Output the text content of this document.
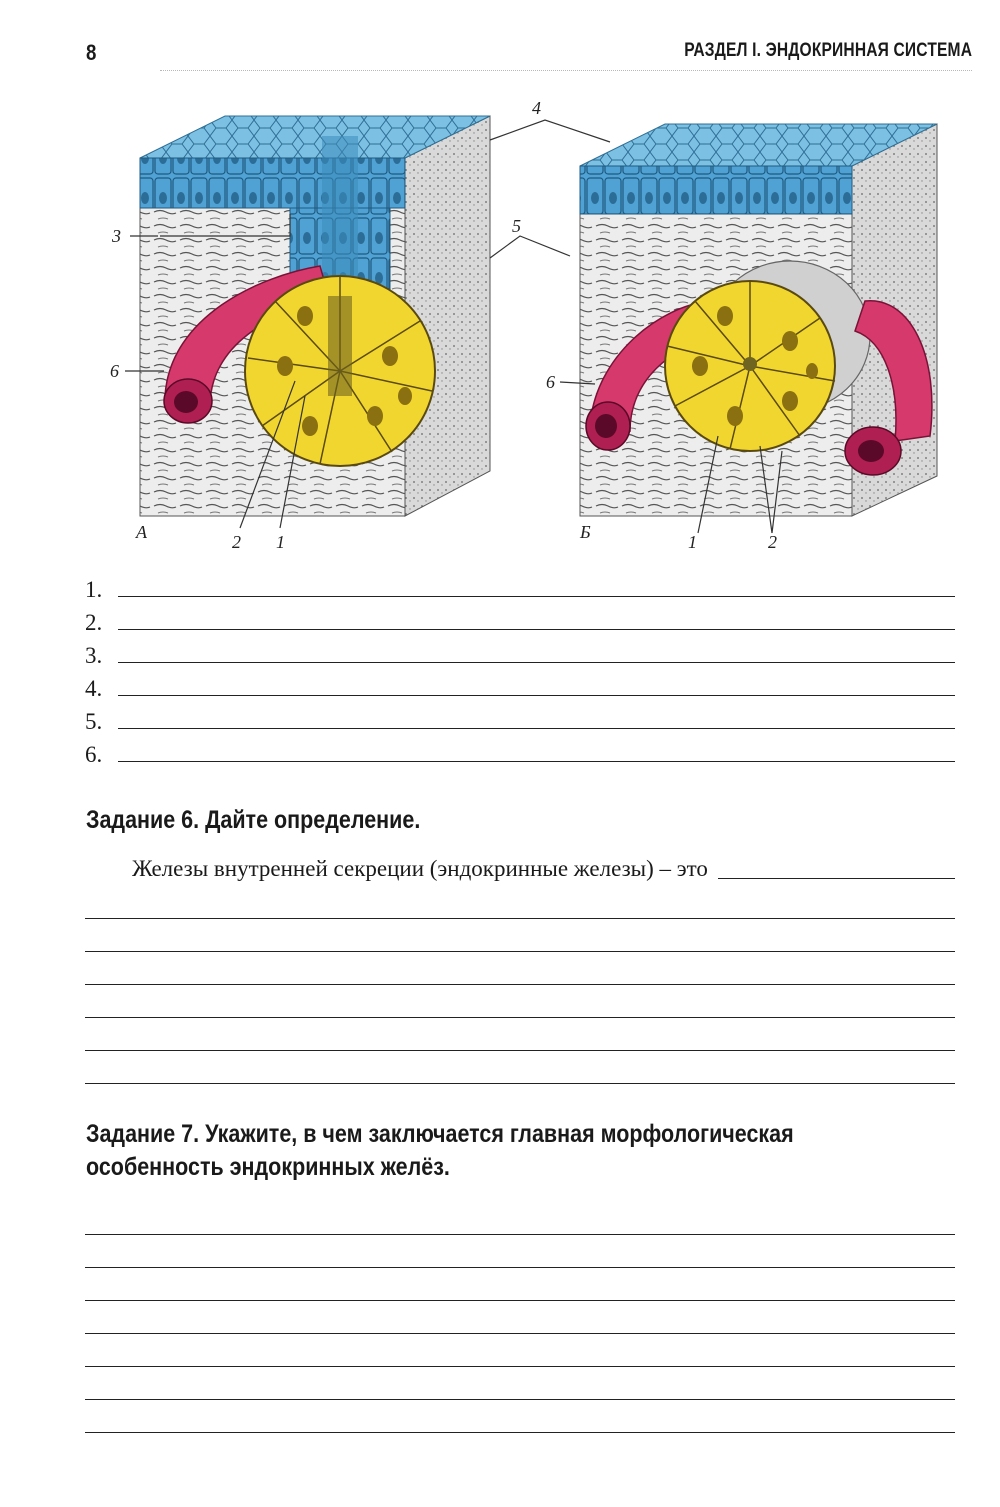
8	РАЗДЕЛ I. ЭНДОКРИННАЯ СИСТЕМА
4
5
3
6
6
2 1	1	2
А	Б
1.
2.
3.
4.
5.
6.
Задание 6. Дайте определение.
Железы внутренней секреции (эндокринные железы) – это
Задание 7. Укажите, в чем заключается главная морфологическая
особенность эндокринных желёз.
